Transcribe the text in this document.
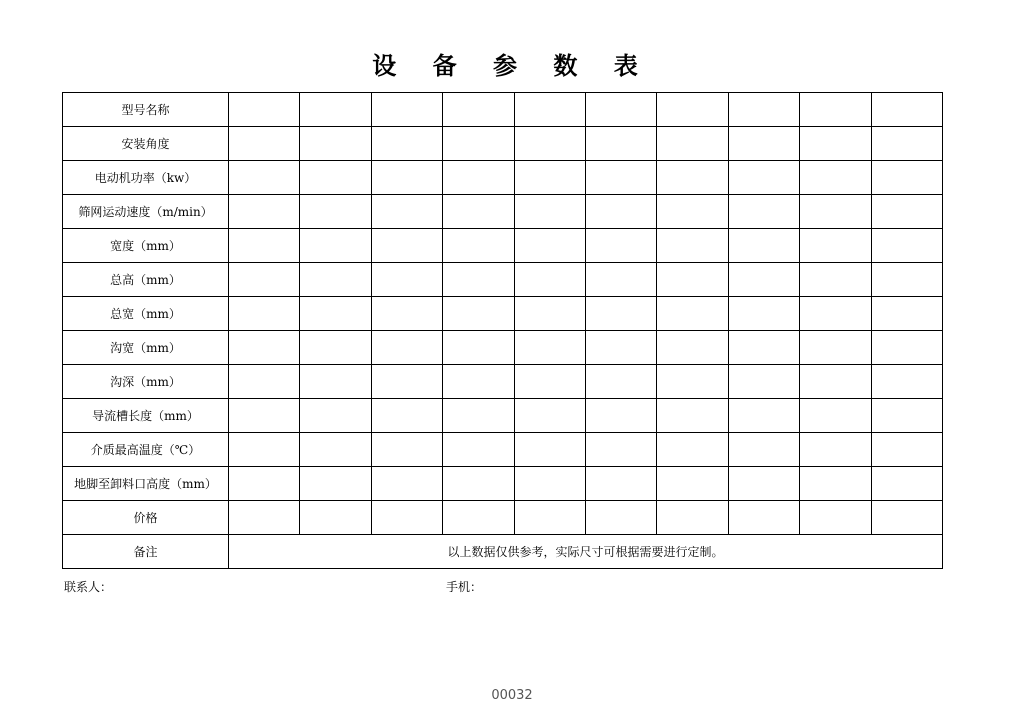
设 备 参 数 表
型号名称										
安装角度										
电动机功率（kw）										
筛网运动速度（m/min）										
宽度（mm）										
总高（mm）										
总宽（mm）										
沟宽（mm）										
沟深（mm）										
导流槽长度（mm）										
介质最高温度（℃）										
地脚至卸料口高度（mm）										
价格										
备注	以上数据仅供参考，实际尺寸可根据需要进行定制。									
联系人：	手机：
00032
